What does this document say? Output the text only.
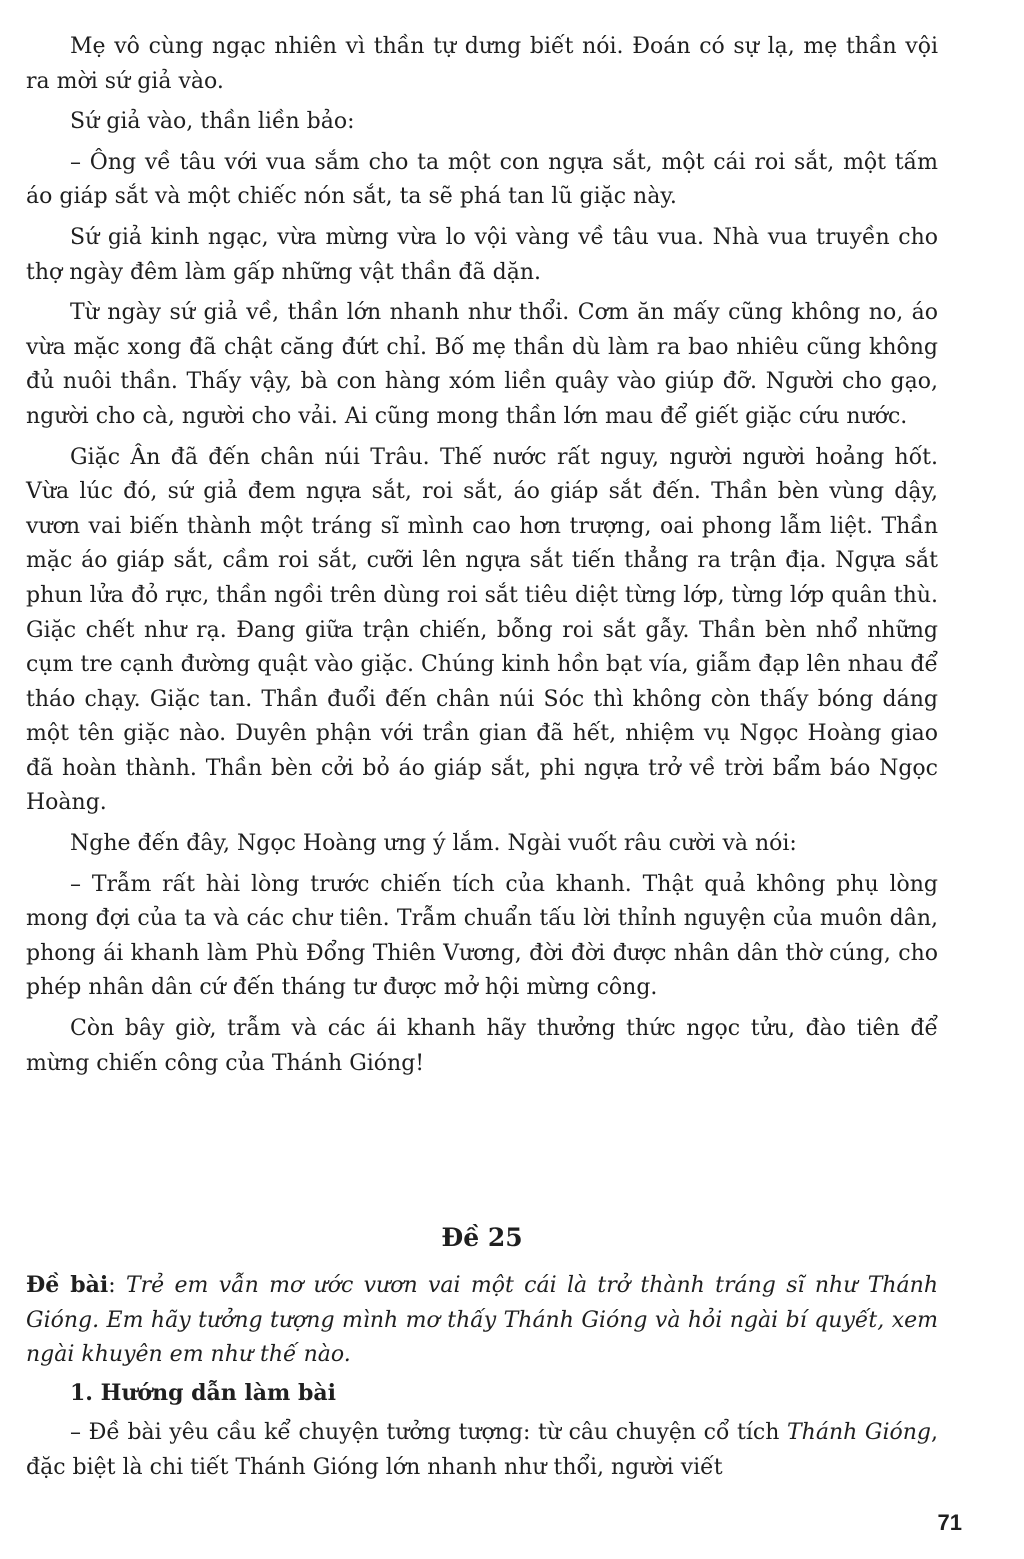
Mẹ vô cùng ngạc nhiên vì thần tự dưng biết nói. Đoán có sự lạ, mẹ thần vội ra mời sứ giả vào.

Sứ giả vào, thần liền bảo:

– Ông về tâu với vua sắm cho ta một con ngựa sắt, một cái roi sắt, một tấm áo giáp sắt và một chiếc nón sắt, ta sẽ phá tan lũ giặc này.

Sứ giả kinh ngạc, vừa mừng vừa lo vội vàng về tâu vua. Nhà vua truyền cho thợ ngày đêm làm gấp những vật thần đã dặn.

Từ ngày sứ giả về, thần lớn nhanh như thổi. Cơm ăn mấy cũng không no, áo vừa mặc xong đã chật căng đứt chỉ. Bố mẹ thần dù làm ra bao nhiêu cũng không đủ nuôi thần. Thấy vậy, bà con hàng xóm liền quây vào giúp đỡ. Người cho gạo, người cho cà, người cho vải. Ai cũng mong thần lớn mau để giết giặc cứu nước.

Giặc Ân đã đến chân núi Trâu. Thế nước rất nguy, người người hoảng hốt. Vừa lúc đó, sứ giả đem ngựa sắt, roi sắt, áo giáp sắt đến. Thần bèn vùng dậy, vươn vai biến thành một tráng sĩ mình cao hơn trượng, oai phong lẫm liệt. Thần mặc áo giáp sắt, cầm roi sắt, cưỡi lên ngựa sắt tiến thẳng ra trận địa. Ngựa sắt phun lửa đỏ rực, thần ngồi trên dùng roi sắt tiêu diệt từng lớp, từng lớp quân thù. Giặc chết như rạ. Đang giữa trận chiến, bỗng roi sắt gẫy. Thần bèn nhổ những cụm tre cạnh đường quật vào giặc. Chúng kinh hồn bạt vía, giẫm đạp lên nhau để tháo chạy. Giặc tan. Thần đuổi đến chân núi Sóc thì không còn thấy bóng dáng một tên giặc nào. Duyên phận với trần gian đã hết, nhiệm vụ Ngọc Hoàng giao đã hoàn thành. Thần bèn cởi bỏ áo giáp sắt, phi ngựa trở về trời bẩm báo Ngọc Hoàng.

Nghe đến đây, Ngọc Hoàng ưng ý lắm. Ngài vuốt râu cười và nói:

– Trẫm rất hài lòng trước chiến tích của khanh. Thật quả không phụ lòng mong đợi của ta và các chư tiên. Trẫm chuẩn tấu lời thỉnh nguyện của muôn dân, phong ái khanh làm Phù Đổng Thiên Vương, đời đời được nhân dân thờ cúng, cho phép nhân dân cứ đến tháng tư được mở hội mừng công.

Còn bây giờ, trẫm và các ái khanh hãy thưởng thức ngọc tửu, đào tiên để mừng chiến công của Thánh Gióng!

Đề 25

Đề bài: Trẻ em vẫn mơ ước vươn vai một cái là trở thành tráng sĩ như Thánh Gióng. Em hãy tưởng tượng mình mơ thấy Thánh Gióng và hỏi ngài bí quyết, xem ngài khuyên em như thế nào.

1. Hướng dẫn làm bài

– Đề bài yêu cầu kể chuyện tưởng tượng: từ câu chuyện cổ tích Thánh Gióng, đặc biệt là chi tiết Thánh Gióng lớn nhanh như thổi, người viết

71
